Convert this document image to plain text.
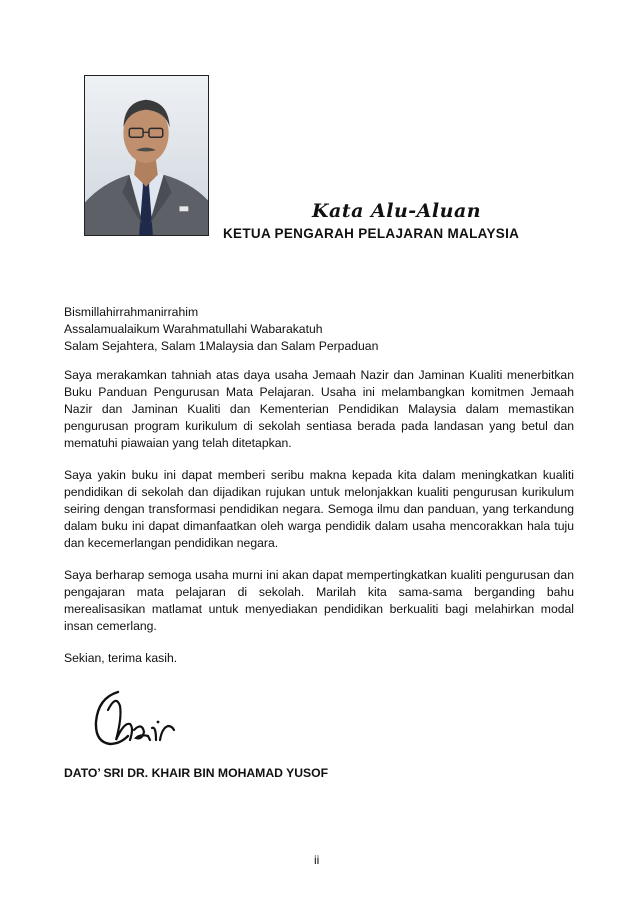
Kata Alu-Aluan
KETUA PENGARAH PELAJARAN MALAYSIA
Bismillahirrahmanirrahim
Assalamualaikum Warahmatullahi Wabarakatuh
Salam Sejahtera, Salam 1Malaysia dan Salam Perpaduan

Saya merakamkan tahniah atas daya usaha Jemaah Nazir dan Jaminan Kualiti menerbitkan Buku Panduan Pengurusan Mata Pelajaran. Usaha ini melambangkan komitmen Jemaah Nazir dan Jaminan Kualiti dan Kementerian Pendidikan Malaysia dalam memastikan pengurusan program kurikulum di sekolah sentiasa berada pada landasan yang betul dan mematuhi piawaian yang telah ditetapkan.

Saya yakin buku ini dapat memberi seribu makna kepada kita dalam meningkatkan kualiti pendidikan di sekolah dan dijadikan rujukan untuk melonjakkan kualiti pengurusan kurikulum seiring dengan transformasi pendidikan negara. Semoga ilmu dan panduan, yang terkandung dalam buku ini dapat dimanfaatkan oleh warga pendidik dalam usaha mencorakkan hala tuju dan kecemerlangan pendidikan negara.

Saya berharap semoga usaha murni ini akan dapat mempertingkatkan kualiti pengurusan dan pengajaran mata pelajaran di sekolah. Marilah kita sama-sama berganding bahu merealisasikan matlamat untuk menyediakan pendidikan berkualiti bagi melahirkan modal insan cemerlang.

Sekian, terima kasih.

DATO’ SRI DR. KHAIR BIN MOHAMAD YUSOF
ii
